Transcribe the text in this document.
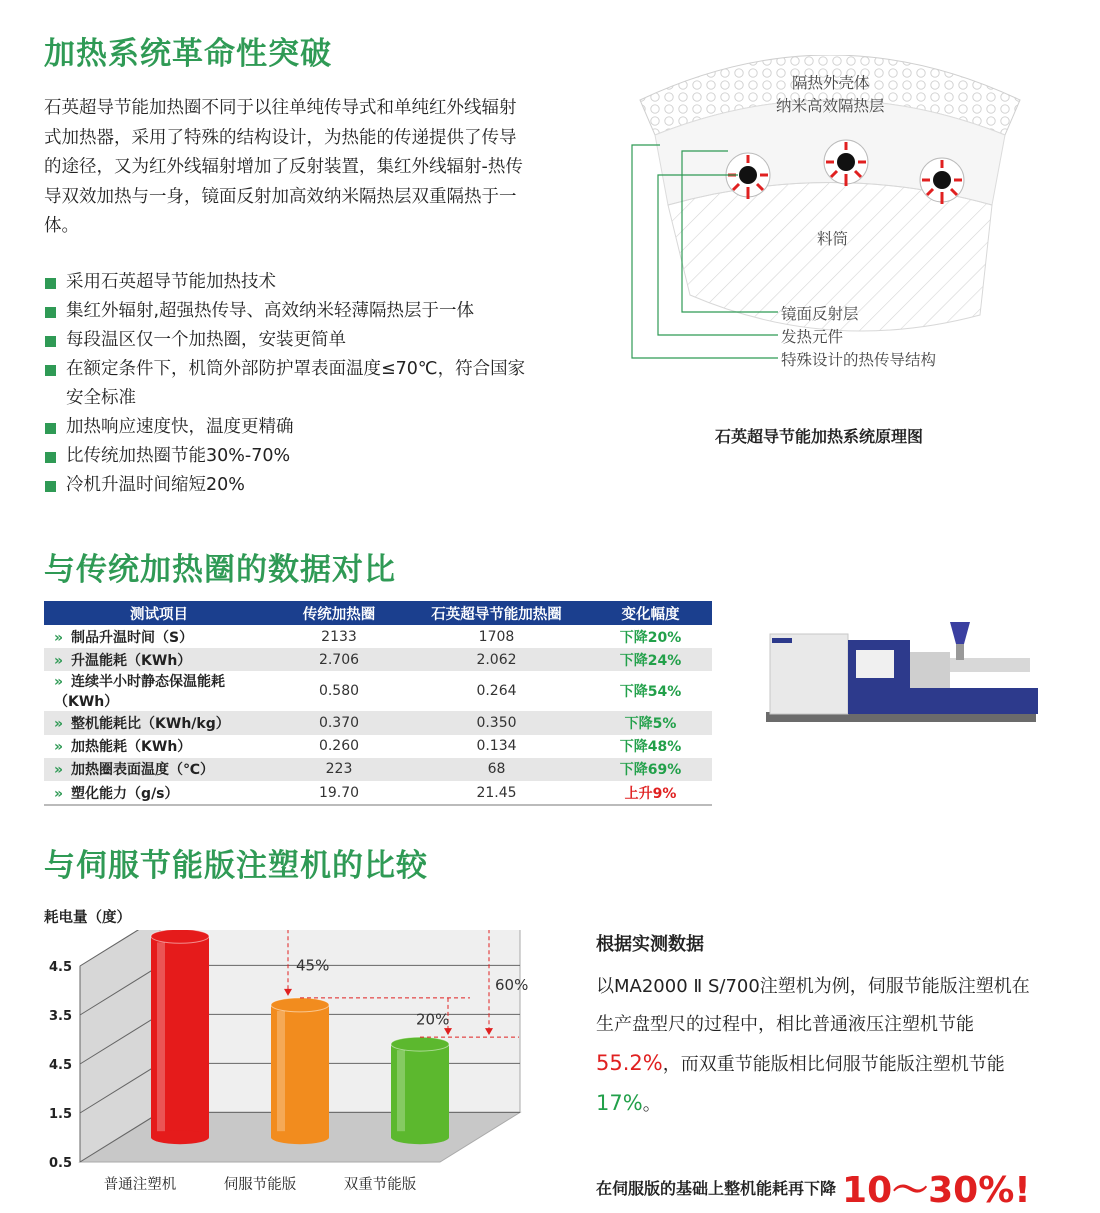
加热系统革命性突破
石英超导节能加热圈不同于以往单纯传导式和单纯红外线辐射式加热器，采用了特殊的结构设计，为热能的传递提供了传导的途径，又为红外线辐射增加了反射装置，集红外线辐射-热传导双效加热与一身，镜面反射加高效纳米隔热层双重隔热于一体。
采用石英超导节能加热技术
集红外辐射,超强热传导、高效纳米轻薄隔热层于一体
每段温区仅一个加热圈，安装更简单
在额定条件下，机筒外部防护罩表面温度≤70℃，符合国家安全标准
加热响应速度快，温度更精确
比传统加热圈节能30%-70%
冷机升温时间缩短20%
隔热外壳体
纳米高效隔热层
料筒
镜面反射层
发热元件
特殊设计的热传导结构
石英超导节能加热系统原理图
与传统加热圈的数据对比
测试项目	传统加热圈	石英超导节能加热圈	变化幅度
» 制品升温时间（S）	2133	1708	下降20%
» 升温能耗（KWh）	2.706	2.062	下降24%
» 连续半小时静态保温能耗（KWh）	0.580	0.264	下降54%
» 整机能耗比（KWh/kg）	0.370	0.350	下降5%
» 加热能耗（KWh）	0.260	0.134	下降48%
» 加热圈表面温度（℃）	223	68	下降69%
» 塑化能力（g/s）	19.70	21.45	上升9%
与伺服节能版注塑机的比较
耗电量（度）
0.5
1.5
4.5
3.5
4.5
普通注塑机	伺服节能版	双重节能版
45%
20%
60%
根据实测数据
以MA2000 Ⅱ S/700注塑机为例，伺服节能版注塑机在生产盘型尺的过程中，相比普通液压注塑机节能55.2%，而双重节能版相比伺服节能版注塑机节能17%。
在伺服版的基础上整机能耗再下降 10～30%!
